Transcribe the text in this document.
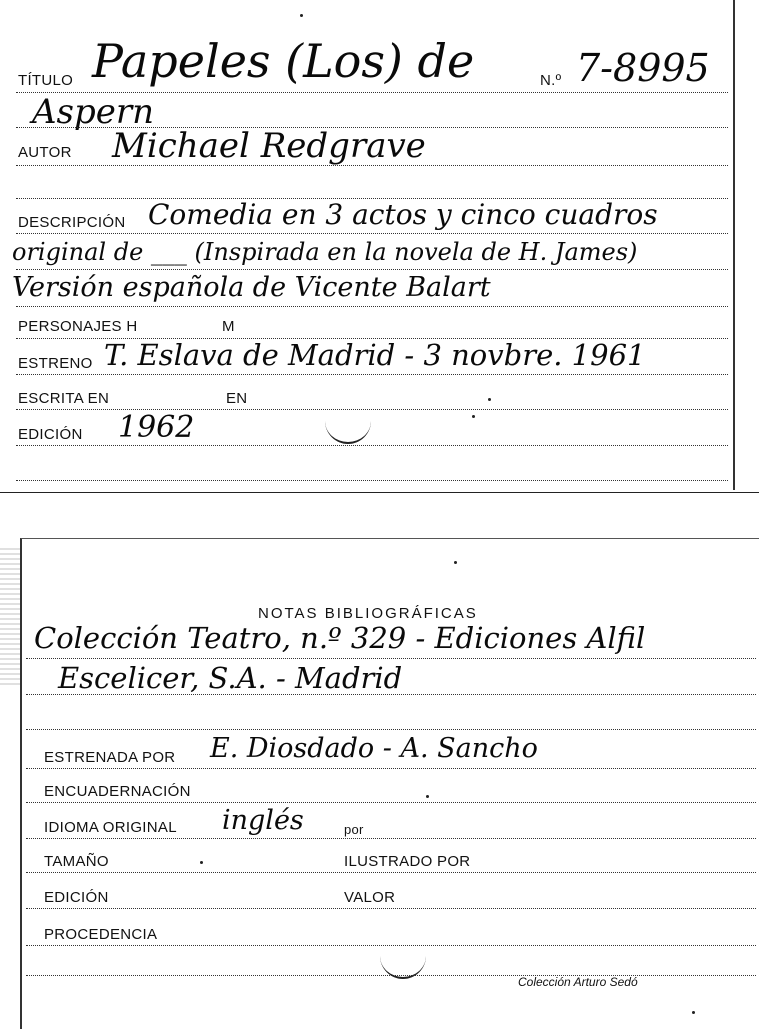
TÍTULO Papeles (Los) de	N.º 7-8995
Aspern
AUTOR Michael Redgrave
DESCRIPCIÓN Comedia en 3 actos y cinco cuadros
original de ___ (Inspirada en la novela de H. James)
Versión española de Vicente Balart
PERSONAJES H	M
ESTRENO T. Eslava de Madrid - 3 novbre. 1961
ESCRITA EN	EN
EDICIÓN 1962
NOTAS BIBLIOGRÁFICAS
Colección Teatro, n.º 329 - Ediciones Alfil
Escelicer, S.A. - Madrid
ESTRENADA POR E. Diosdado - A. Sancho
ENCUADERNACIÓN
IDIOMA ORIGINAL inglés	por
TAMAÑO	ILUSTRADO POR
EDICIÓN	VALOR
PROCEDENCIA
Colección Arturo Sedó
